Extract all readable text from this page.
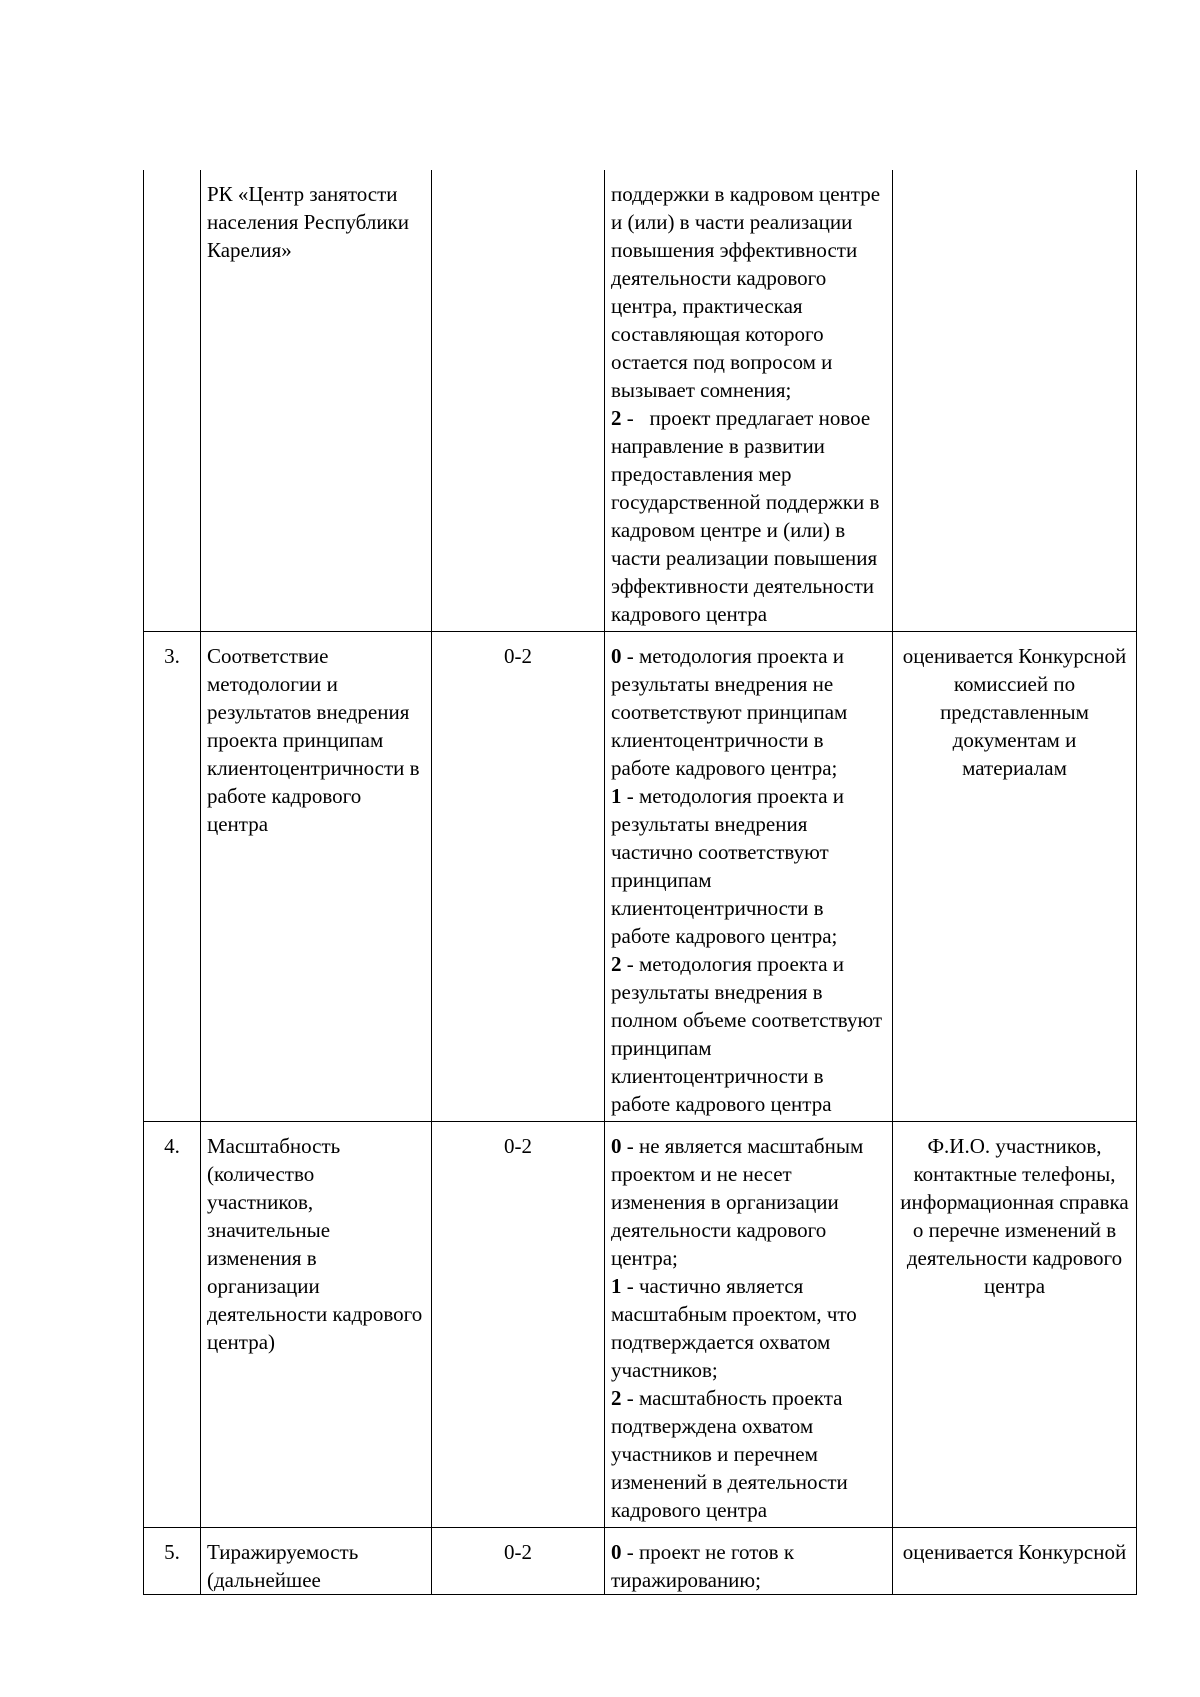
	РК «Центр занятости населения Республики Карелия»		поддержки в кадровом центре и (или) в части реализации повышения эффективности деятельности кадрового центра, практическая составляющая которого остается под вопросом и вызывает сомнения;
2 -   проект предлагает новое направление в развитии предоставления мер государственной поддержки в кадровом центре и (или) в части реализации повышения эффективности деятельности кадрового центра	

3.	Соответствие методологии и результатов внедрения проекта принципам клиентоцентричности в работе кадрового центра	0-2	0 - методология проекта и результаты внедрения не соответствуют принципам клиентоцентричности в работе кадрового центра;
1 - методология проекта и результаты внедрения частично соответствуют принципам клиентоцентричности в работе кадрового центра;
2 - методология проекта и результаты внедрения в полном объеме соответствуют принципам клиентоцентричности в работе кадрового центра	оценивается Конкурсной комиссией по представленным документам и материалам
4.	Масштабность (количество участников, значительные изменения в организации деятельности кадрового центра)	0-2	0 - не является масштабным проектом и не несет изменения в организации деятельности кадрового центра;
1 - частично является масштабным проектом, что подтверждается охватом участников;
2 - масштабность проекта подтверждена охватом участников и перечнем изменений в деятельности кадрового центра	Ф.И.О. участников, контактные телефоны, информационная справка о перечне изменений в деятельности кадрового центра

5.	Тиражируемость (дальнейшее	0-2	0 - проект не готов к тиражированию;	оценивается Конкурсной
